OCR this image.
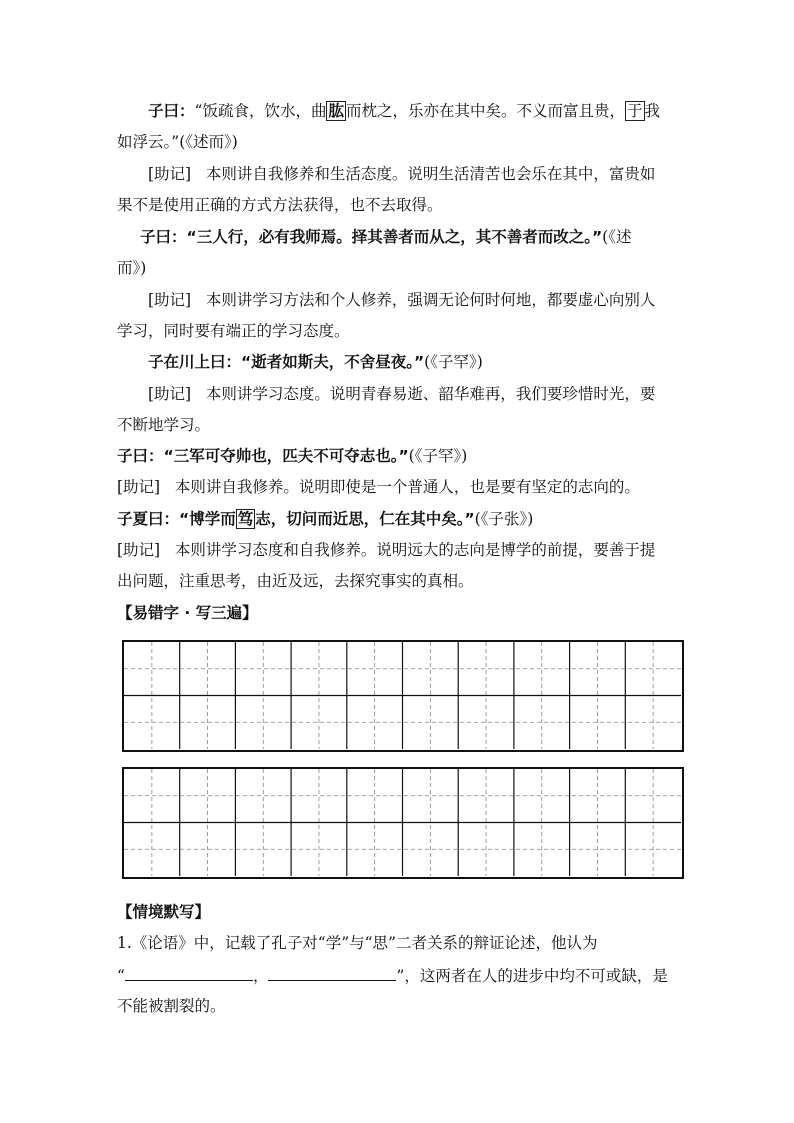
子曰：“饭疏食，饮水，曲 肱 而枕之，乐亦在其中矣。不义而富且贵， 于 我
如浮云。”(《述而》)
[助记] 本则讲自我修养和生活态度。说明生活清苦也会乐在其中，富贵如
果不是使用正确的方式方法获得，也不去取得。
子曰：“三人行，必有我师焉。择其善者而从之，其不善者而改之。”(《述
而》)
[助记] 本则讲学习方法和个人修养，强调无论何时何地，都要虚心向别人
学习，同时要有端正的学习态度。
子在川上曰：“逝者如斯夫，不舍昼夜。”(《子罕》)
[助记] 本则讲学习态度。说明青春易逝、韶华难再，我们要珍惜时光，要
不断地学习。
子曰：“三军可夺帅也，匹夫不可夺志也。”(《子罕》)
[助记] 本则讲自我修养。说明即使是一个普通人，也是要有坚定的志向的。
子夏曰：“博学而 笃 志，切问而近思，仁在其中矣。”(《子张》)
[助记] 本则讲学习态度和自我修养。说明远大的志向是博学的前提，要善于提
出问题，注重思考，由近及远，去探究事实的真相。
【易错字 · 写三遍】
【情境默写】
1.《论语》中，记载了孔子对“学”与“思”二者关系的辩证论述，他认为
“	，	”，这两者在人的进步中均不可或缺，是
不能被割裂的。
